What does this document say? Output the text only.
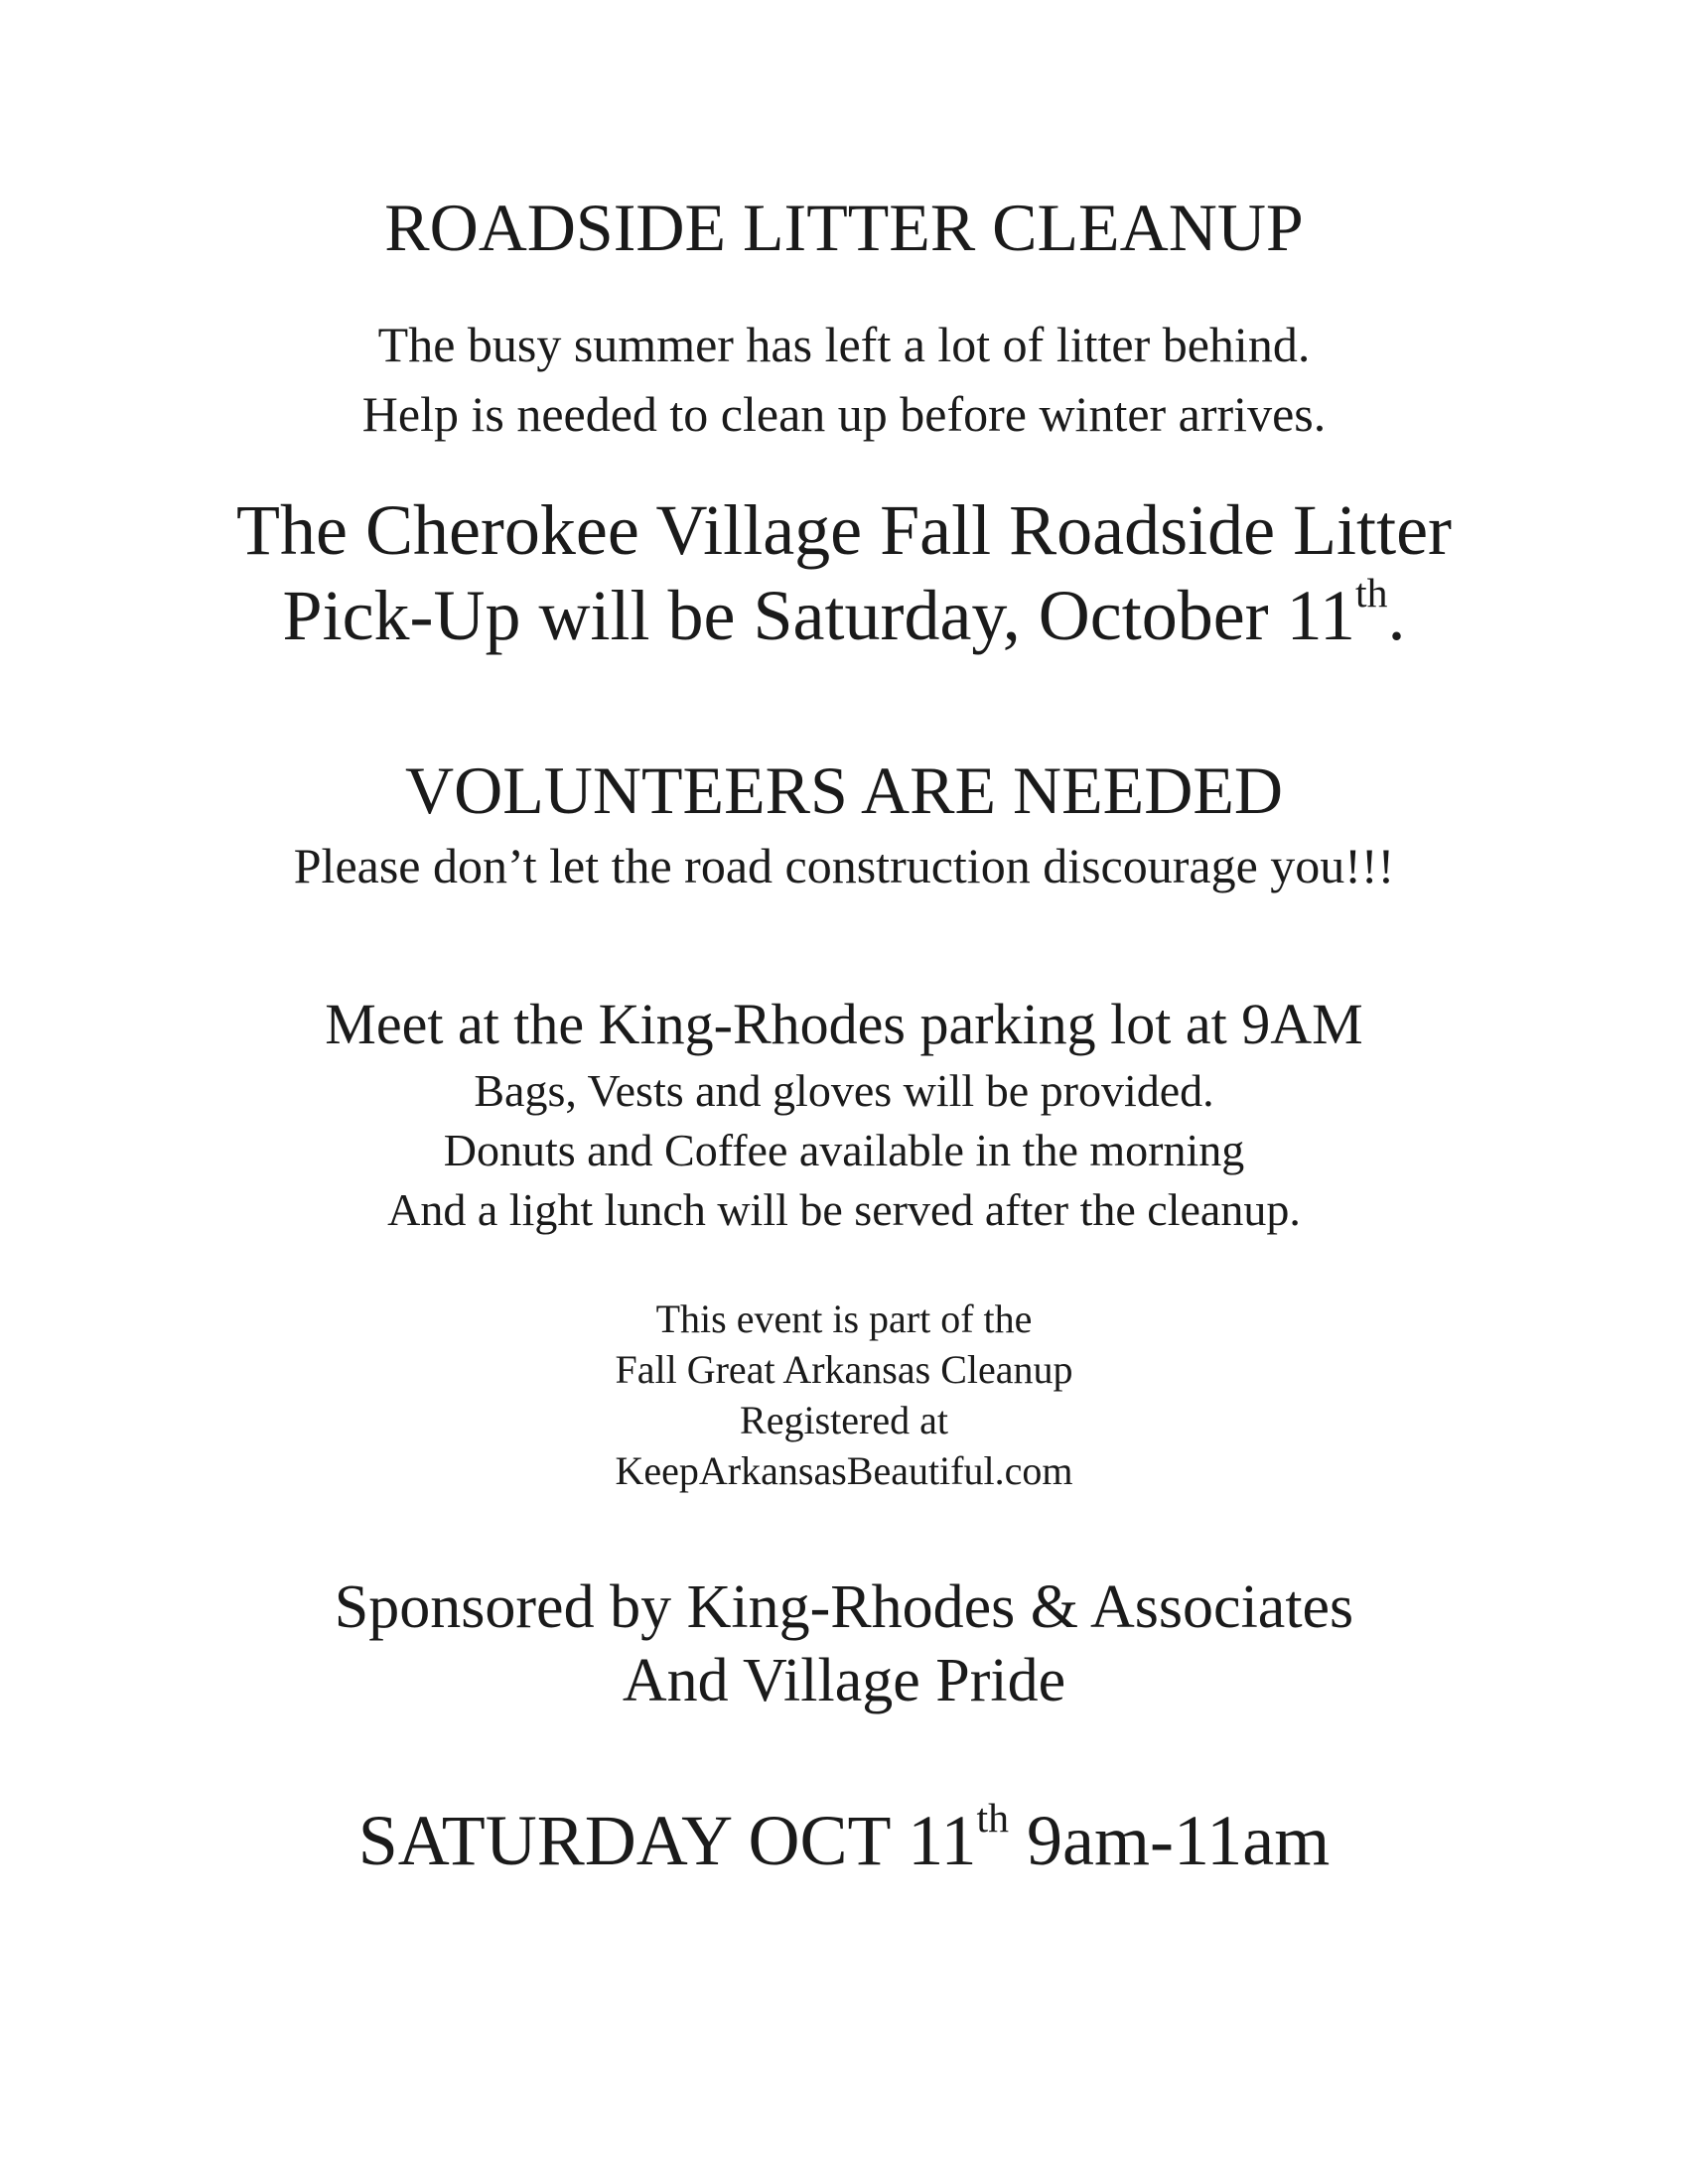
ROADSIDE LITTER CLEANUP
The busy summer has left a lot of litter behind.
Help is needed to clean up before winter arrives.
The Cherokee Village Fall Roadside Litter
Pick-Up will be Saturday, October 11th.
VOLUNTEERS ARE NEEDED
Please don’t let the road construction discourage you!!!
Meet at the King-Rhodes parking lot at 9AM
Bags, Vests and gloves will be provided.
Donuts and Coffee available in the morning
And a light lunch will be served after the cleanup.
This event is part of the
Fall Great Arkansas Cleanup
Registered at
KeepArkansasBeautiful.com
Sponsored by King-Rhodes & Associates
And Village Pride
SATURDAY OCT 11th 9am-11am
